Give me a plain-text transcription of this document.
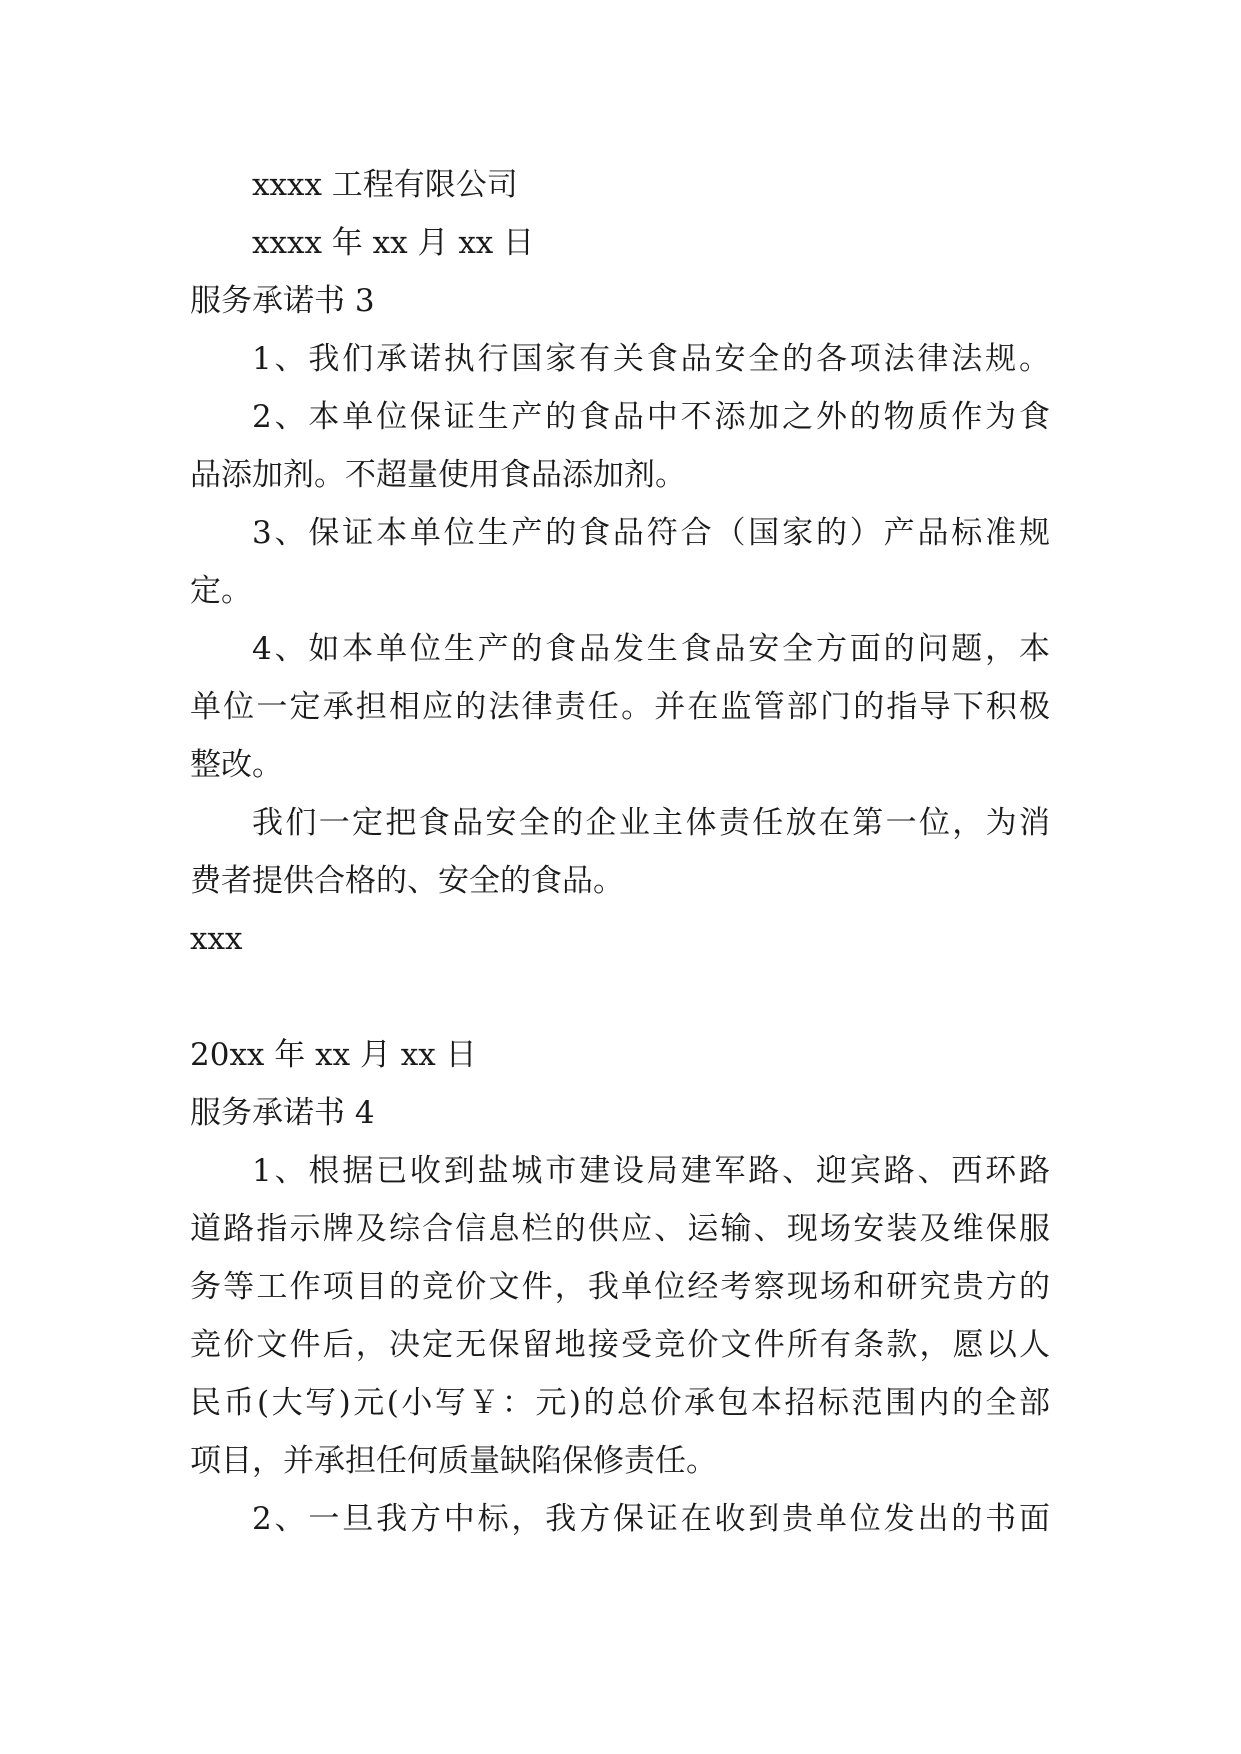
xxxx 工程有限公司

xxxx 年 xx 月 xx 日

服务承诺书 3

1、我们承诺执行国家有关食品安全的各项法律法规。

2、本单位保证生产的食品中不添加之外的物质作为食

品添加剂。不超量使用食品添加剂。

3、保证本单位生产的食品符合（国家的）产品标准规

定。

4、如本单位生产的食品发生食品安全方面的问题，本

单位一定承担相应的法律责任。并在监管部门的指导下积极

整改。

我们一定把食品安全的企业主体责任放在第一位，为消

费者提供合格的、安全的食品。

xxx

20xx 年 xx 月 xx 日

服务承诺书 4

1、根据已收到盐城市建设局建军路、迎宾路、西环路

道路指示牌及综合信息栏的供应、运输、现场安装及维保服

务等工作项目的竞价文件，我单位经考察现场和研究贵方的

竞价文件后，决定无保留地接受竞价文件所有条款，愿以人

民币(大写)元(小写￥：元)的总价承包本招标范围内的全部

项目，并承担任何质量缺陷保修责任。

2、一旦我方中标，我方保证在收到贵单位发出的书面
